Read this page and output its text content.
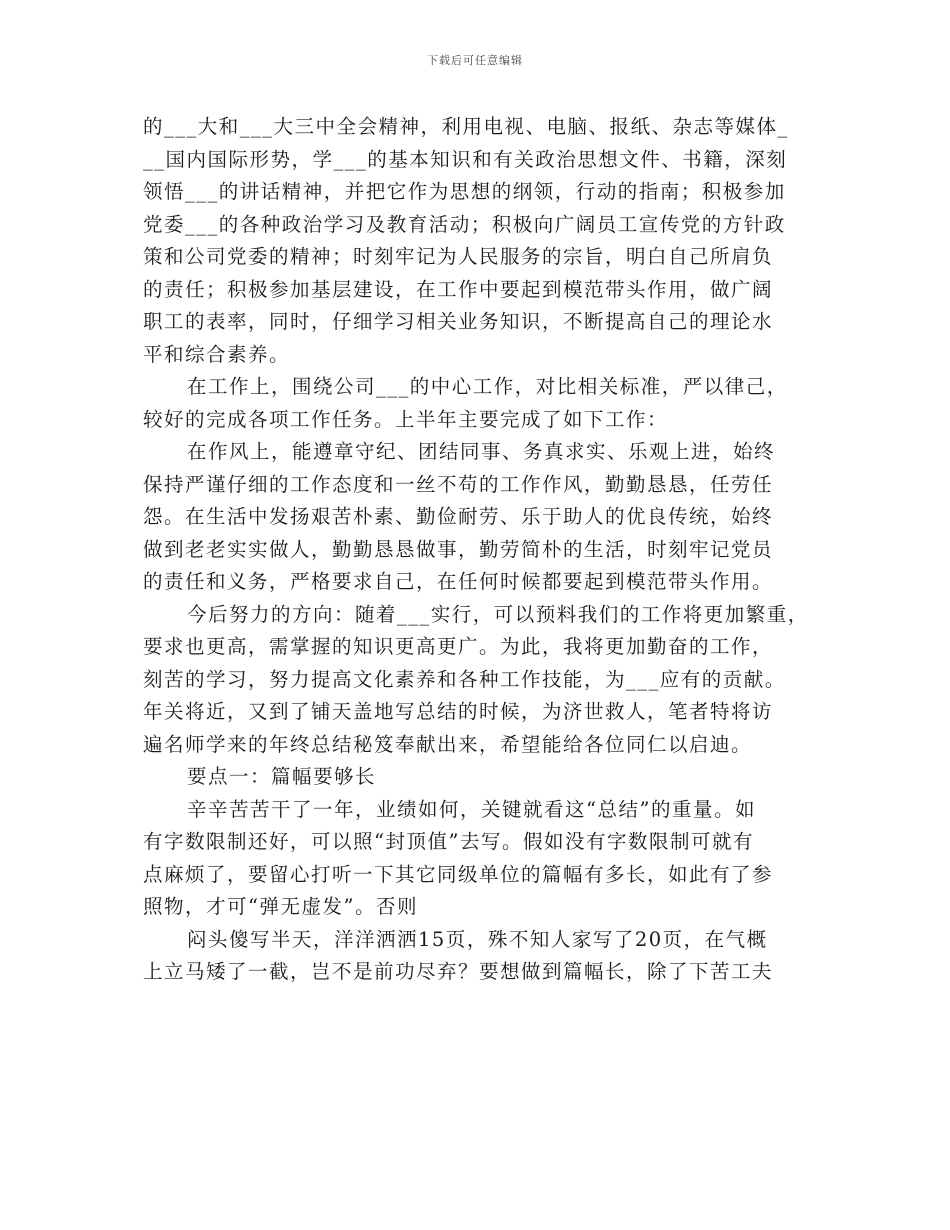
下载后可任意编辑
的___大和___大三中全会精神，利用电视、电脑、报纸、杂志等媒体_
__国内国际形势，学___的基本知识和有关政治思想文件、书籍，深刻
领悟___的讲话精神，并把它作为思想的纲领，行动的指南；积极参加
党委___的各种政治学习及教育活动；积极向广阔员工宣传党的方针政
策和公司党委的精神；时刻牢记为人民服务的宗旨，明白自己所肩负
的责任；积极参加基层建设，在工作中要起到模范带头作用，做广阔
职工的表率，同时，仔细学习相关业务知识，不断提高自己的理论水
平和综合素养。
在工作上，围绕公司___的中心工作，对比相关标准，严以律己，
较好的完成各项工作任务。上半年主要完成了如下工作：
在作风上，能遵章守纪、团结同事、务真求实、乐观上进，始终
保持严谨仔细的工作态度和一丝不苟的工作作风，勤勤恳恳，任劳任
怨。在生活中发扬艰苦朴素、勤俭耐劳、乐于助人的优良传统，始终
做到老老实实做人，勤勤恳恳做事，勤劳简朴的生活，时刻牢记党员
的责任和义务，严格要求自己，在任何时候都要起到模范带头作用。
今后努力的方向：随着___实行，可以预料我们的工作将更加繁重，
要求也更高，需掌握的知识更高更广。为此，我将更加勤奋的工作，
刻苦的学习，努力提高文化素养和各种工作技能，为___应有的贡献。
年关将近，又到了铺天盖地写总结的时候，为济世救人，笔者特将访
遍名师学来的年终总结秘笈奉献出来，希望能给各位同仁以启迪。
要点一：篇幅要够长
辛辛苦苦干了一年，业绩如何，关键就看这“总结”的重量。如
有字数限制还好，可以照“封顶值”去写。假如没有字数限制可就有
点麻烦了，要留心打听一下其它同级单位的篇幅有多长，如此有了参
照物，才可“弹无虚发”。否则
闷头傻写半天，洋洋洒洒15页，殊不知人家写了20页，在气概
上立马矮了一截，岂不是前功尽弃？要想做到篇幅长，除了下苦工夫
